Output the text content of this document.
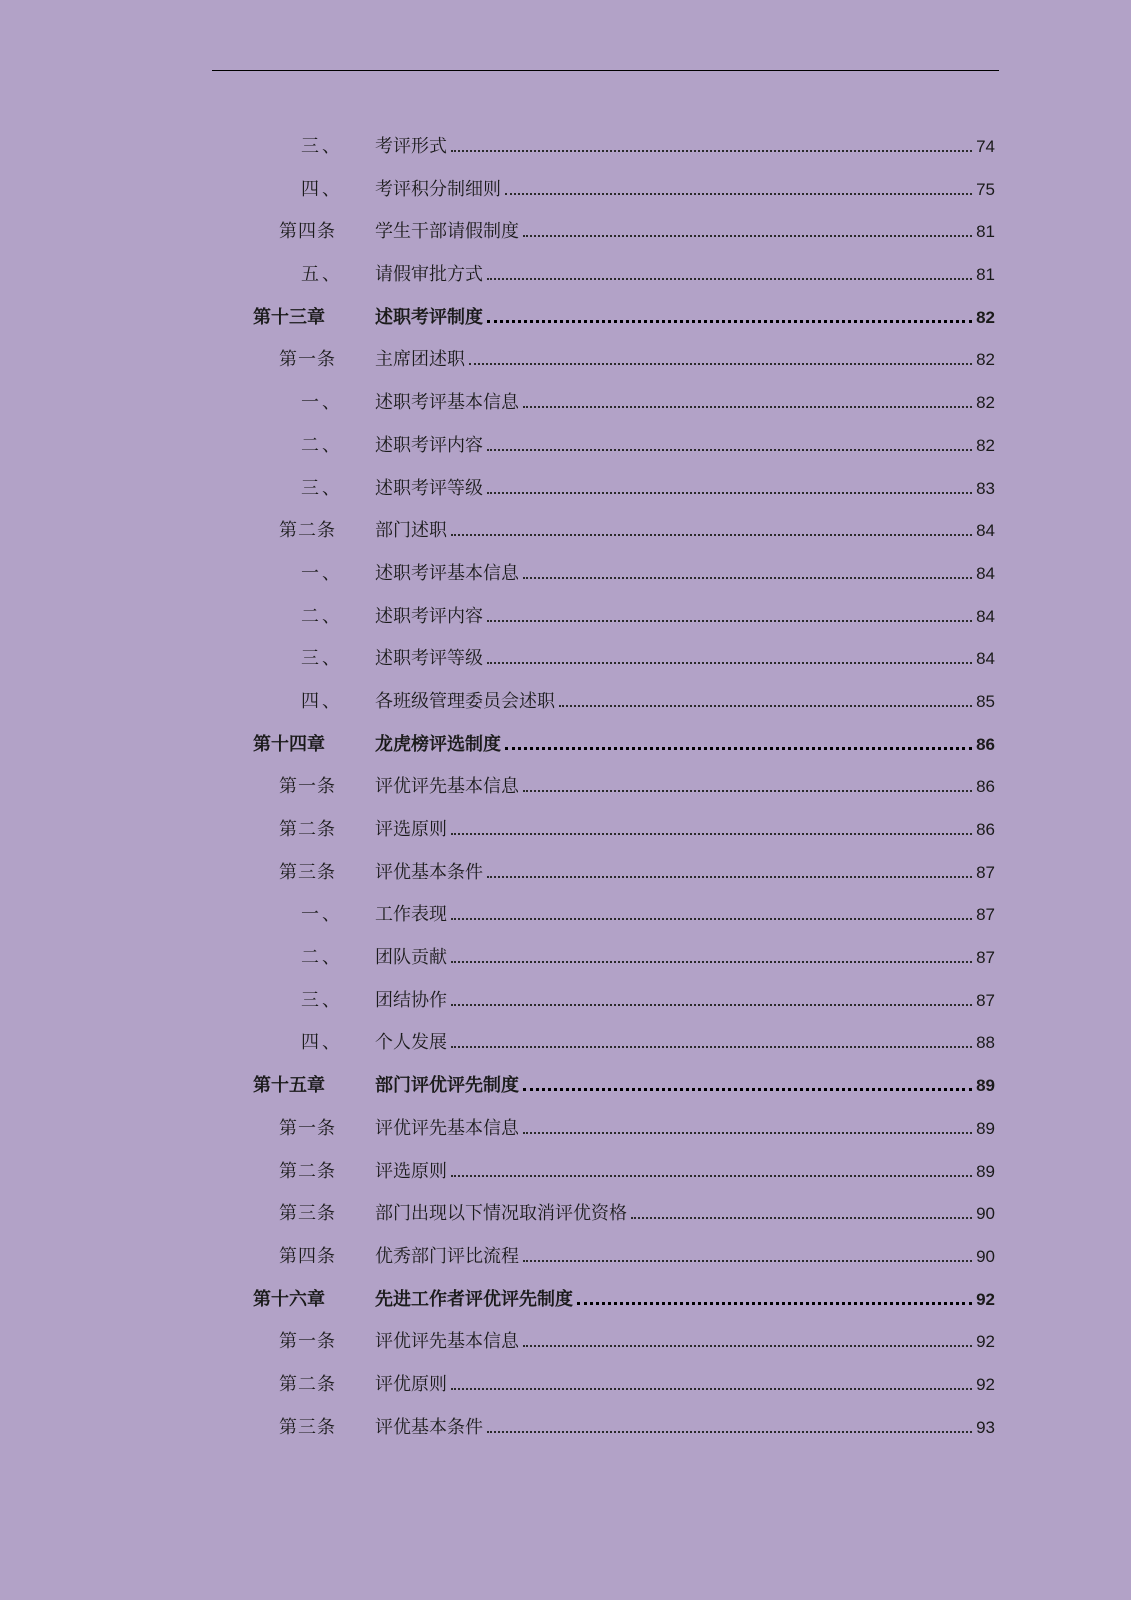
三、 考评形式	74
四、 考评积分制细则	75
第四条 学生干部请假制度	81
五、 请假审批方式	81
第十三章	述职考评制度	82
第一条 主席团述职	82
一、 述职考评基本信息	82
二、 述职考评内容	82
三、 述职考评等级	83
第二条 部门述职	84
一、 述职考评基本信息	84
二、 述职考评内容	84
三、 述职考评等级	84
四、 各班级管理委员会述职	85
第十四章	龙虎榜评选制度	86
第一条 评优评先基本信息	86
第二条 评选原则	86
第三条 评优基本条件	87
一、 工作表现	87
二、 团队贡献	87
三、 团结协作	87
四、 个人发展	88
第十五章	部门评优评先制度	89
第一条 评优评先基本信息	89
第二条 评选原则	89
第三条 部门出现以下情况取消评优资格	90
第四条 优秀部门评比流程	90
第十六章	先进工作者评优评先制度	92
第一条 评优评先基本信息	92
第二条 评优原则	92
第三条 评优基本条件	93
